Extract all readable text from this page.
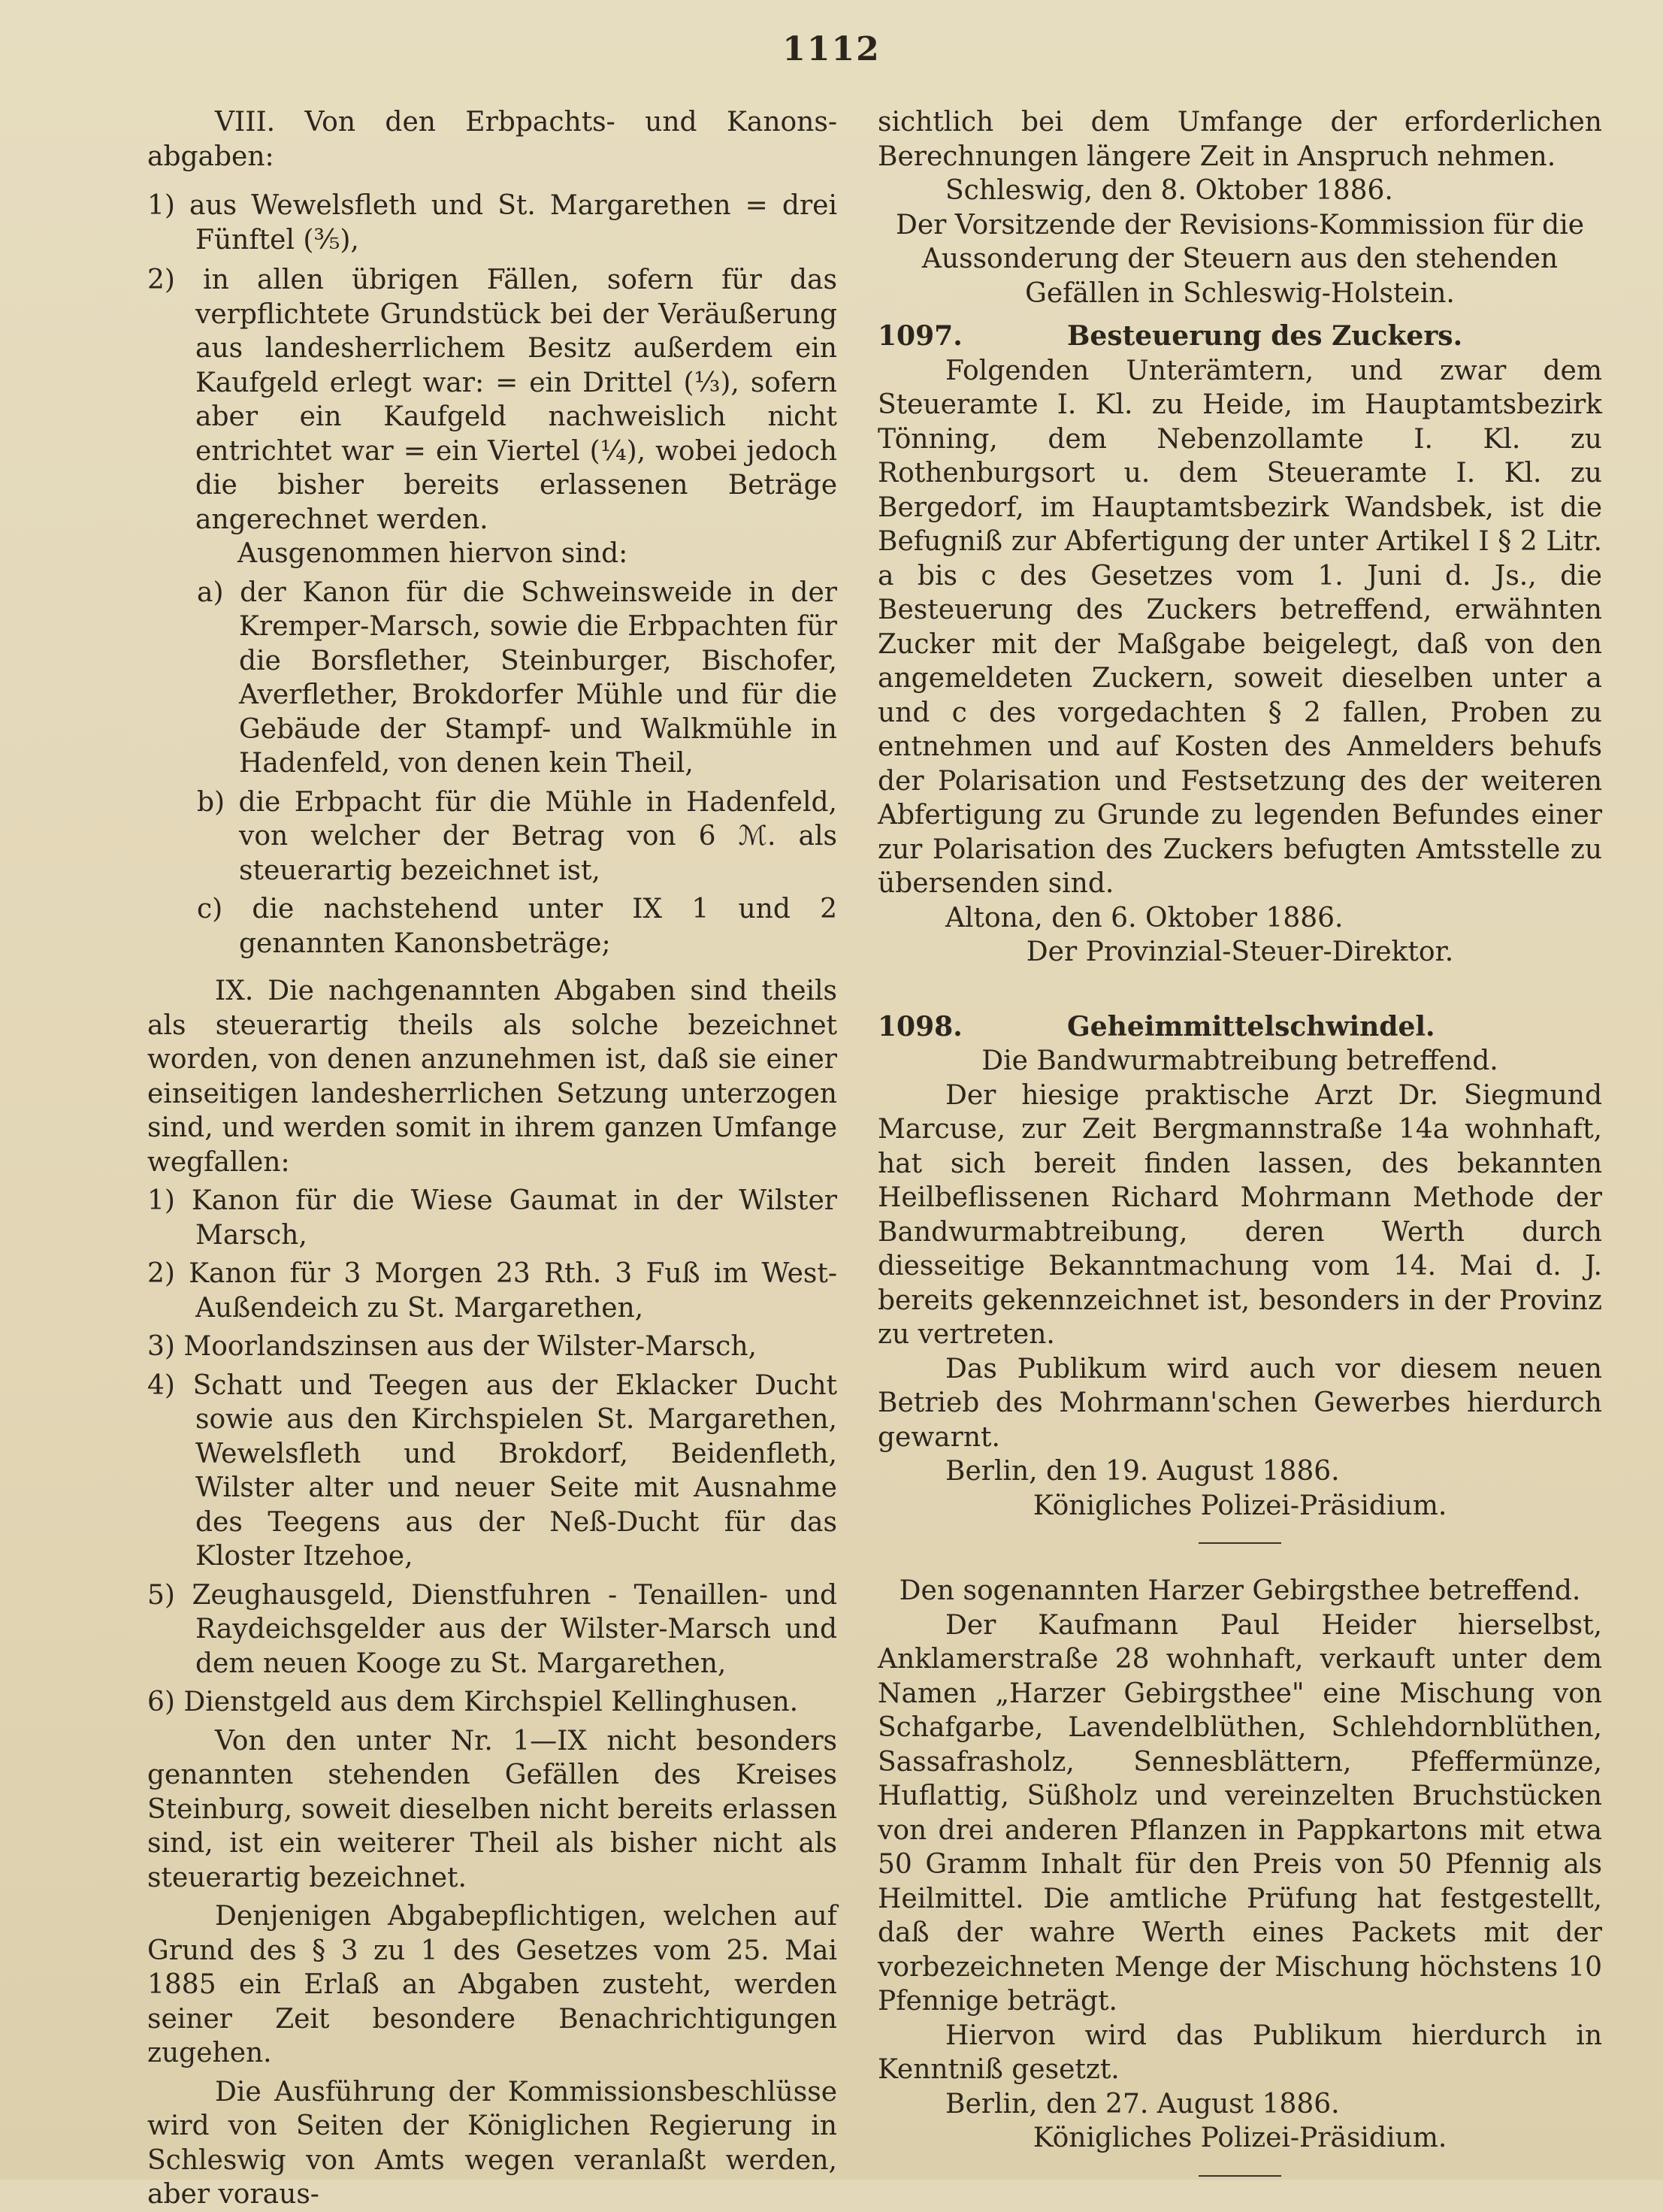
1112

VIII. Von den Erbpachts- und Kanons-abgaben:

1) aus Wewelsfleth und St. Margarethen = drei Fünftel (⅗),

2) in allen übrigen Fällen, sofern für das verpflichtete Grundstück bei der Veräußerung aus landesherrlichem Besitz außerdem ein Kaufgeld erlegt war: = ein Drittel (⅓), sofern aber ein Kaufgeld nachweislich nicht entrichtet war = ein Viertel (¼), wobei jedoch die bisher bereits erlassenen Beträge angerechnet werden.

Ausgenommen hiervon sind:

a) der Kanon für die Schweinsweide in der Kremper-Marsch, sowie die Erbpachten für die Borsflether, Steinburger, Bischofer, Averflether, Brokdorfer Mühle und für die Gebäude der Stampf- und Walkmühle in Hadenfeld, von denen kein Theil,

b) die Erbpacht für die Mühle in Hadenfeld, von welcher der Betrag von 6 ℳ. als steuerartig bezeichnet ist,

c) die nachstehend unter IX 1 und 2 genannten Kanonsbeträge;

IX. Die nachgenannten Abgaben sind theils als steuerartig theils als solche bezeichnet worden, von denen anzunehmen ist, daß sie einer einseitigen landesherrlichen Setzung unterzogen sind, und werden somit in ihrem ganzen Umfange wegfallen:

1) Kanon für die Wiese Gaumat in der Wilster Marsch,

2) Kanon für 3 Morgen 23 Rth. 3 Fuß im West-Außendeich zu St. Margarethen,

3) Moorlandszinsen aus der Wilster-Marsch,

4) Schatt und Teegen aus der Eklacker Ducht sowie aus den Kirchspielen St. Margarethen, Wewelsfleth und Brokdorf, Beidenfleth, Wilster alter und neuer Seite mit Ausnahme des Teegens aus der Neß-Ducht für das Kloster Itzehoe,

5) Zeughausgeld, Dienstfuhren - Tenaillen- und Raydeichsgelder aus der Wilster-Marsch und dem neuen Kooge zu St. Margarethen,

6) Dienstgeld aus dem Kirchspiel Kellinghusen.

Von den unter Nr. 1—IX nicht besonders genannten stehenden Gefällen des Kreises Steinburg, soweit dieselben nicht bereits erlassen sind, ist ein weiterer Theil als bisher nicht als steuerartig bezeichnet.

Denjenigen Abgabepflichtigen, welchen auf Grund des § 3 zu 1 des Gesetzes vom 25. Mai 1885 ein Erlaß an Abgaben zusteht, werden seiner Zeit besondere Benachrichtigungen zugehen.

Die Ausführung der Kommissionsbeschlüsse wird von Seiten der Königlichen Regierung in Schleswig von Amts wegen veranlaßt werden, aber voraus-

sichtlich bei dem Umfange der erforderlichen Berechnungen längere Zeit in Anspruch nehmen.

Schleswig, den 8. Oktober 1886.

Der Vorsitzende der Revisions-Kommission für die Aussonderung der Steuern aus den stehenden Gefällen in Schleswig-Holstein.

1097.	Besteuerung des Zuckers.

Folgenden Unterämtern, und zwar dem Steueramte I. Kl. zu Heide, im Hauptamtsbezirk Tönning, dem Nebenzollamte I. Kl. zu Rothenburgsort u. dem Steueramte I. Kl. zu Bergedorf, im Hauptamtsbezirk Wandsbek, ist die Befugniß zur Abfertigung der unter Artikel I § 2 Litr. a bis c des Gesetzes vom 1. Juni d. Js., die Besteuerung des Zuckers betreffend, erwähnten Zucker mit der Maßgabe beigelegt, daß von den angemeldeten Zuckern, soweit dieselben unter a und c des vorgedachten § 2 fallen, Proben zu entnehmen und auf Kosten des Anmelders behufs der Polarisation und Festsetzung des der weiteren Abfertigung zu Grunde zu legenden Befundes einer zur Polarisation des Zuckers befugten Amtsstelle zu übersenden sind.

Altona, den 6. Oktober 1886.

Der Provinzial-Steuer-Direktor.

1098.	Geheimmittelschwindel.

Die Bandwurmabtreibung betreffend.

Der hiesige praktische Arzt Dr. Siegmund Marcuse, zur Zeit Bergmannstraße 14a wohnhaft, hat sich bereit finden lassen, des bekannten Heilbeflissenen Richard Mohrmann Methode der Bandwurmabtreibung, deren Werth durch diesseitige Bekanntmachung vom 14. Mai d. J. bereits gekennzeichnet ist, besonders in der Provinz zu vertreten.

Das Publikum wird auch vor diesem neuen Betrieb des Mohrmann'schen Gewerbes hierdurch gewarnt.

Berlin, den 19. August 1886.

Königliches Polizei-Präsidium.

Den sogenannten Harzer Gebirgsthee betreffend.

Der Kaufmann Paul Heider hierselbst, Anklamerstraße 28 wohnhaft, verkauft unter dem Namen „Harzer Gebirgsthee" eine Mischung von Schafgarbe, Lavendelblüthen, Schlehdornblüthen, Sassafrasholz, Sennesblättern, Pfeffermünze, Huflattig, Süßholz und vereinzelten Bruchstücken von drei anderen Pflanzen in Pappkartons mit etwa 50 Gramm Inhalt für den Preis von 50 Pfennig als Heilmittel. Die amtliche Prüfung hat festgestellt, daß der wahre Werth eines Packets mit der vorbezeichneten Menge der Mischung höchstens 10 Pfennige beträgt.

Hiervon wird das Publikum hierdurch in Kenntniß gesetzt.

Berlin, den 27. August 1886.

Königliches Polizei-Präsidium.
